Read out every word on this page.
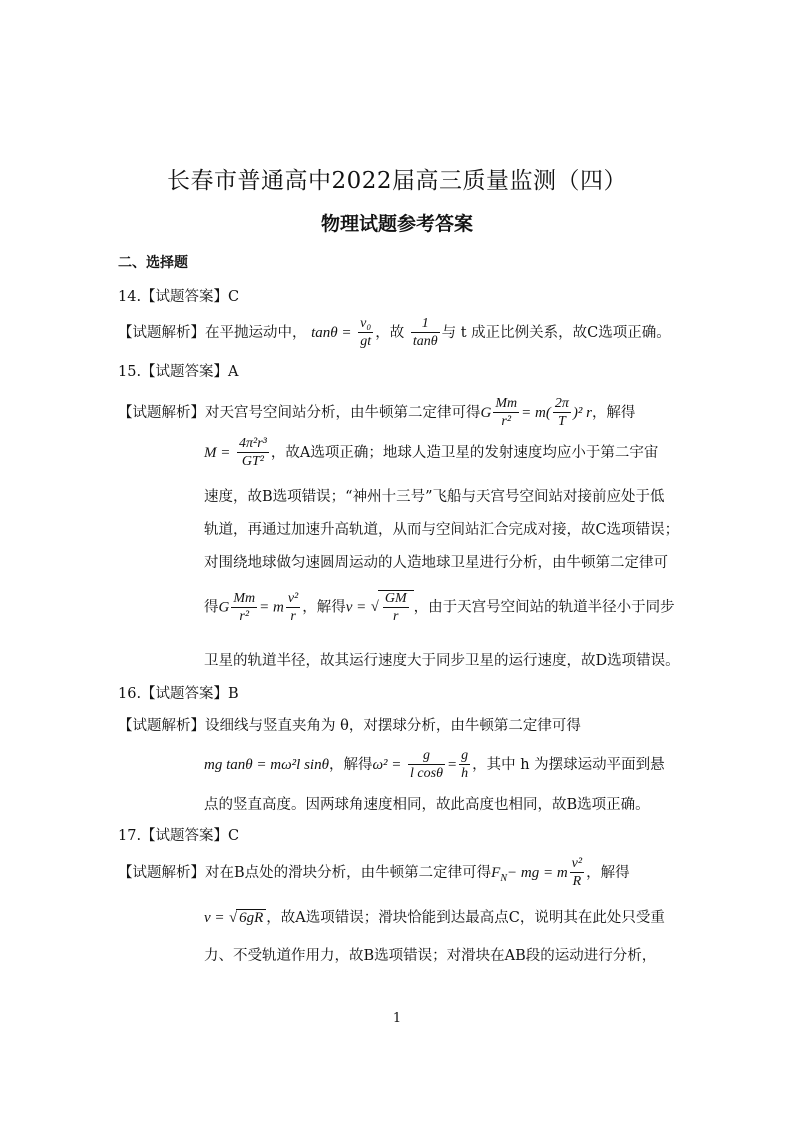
长春市普通高中2022届高三质量监测（四）
物理试题参考答案
二、选择题
14.【试题答案】C
【试题解析】在平抛运动中， $\tan\theta = \frac{\text{v₀}}{gt}$ ，故 $\frac{1}{\tan\theta}$ 与 t 成正比例关系，故C选项正确。
15.【试题答案】A
【试题解析】对天宫号空间站分析，由牛顿第二定律可得G $\frac{Mm}{\text{r²}} = m( \frac{2\pi}{T} )^2$ r，解得
$M = \frac{\text{4π²r³}}{\text{GT²}}$ ，故A选项正确；地球人造卫星的发射速度均应小于第二宇宙
速度，故B选项错误；“神州十三号”飞船与天宫号空间站对接前应处于低
轨道，再通过加速升高轨道，从而与空间站汇合完成对接，故C选项错误；
对围绕地球做匀速圆周运动的人造地球卫星进行分析，由牛顿第二定律可
得G $\frac{Mm}{\text{r²}} = m \frac{\text{v²}}{r}$ ，解得v = √ $\frac{GM}{r}$ ，由于天宫号空间站的轨道半径小于同步
卫星的轨道半径，故其运行速度大于同步卫星的运行速度，故D选项错误。
16.【试题答案】B
【试题解析】设细线与竖直夹角为 θ，对摆球分析，由牛顿第二定律可得
mg tanθ = mω²l sinθ，解得$\omega^2 = \frac{g}{\text{l cosθ}} = \frac{g}{h}$ ，其中 h 为摆球运动平面到悬
点的竖直高度。因两球角速度相同，故此高度也相同，故B选项正确。
17.【试题答案】C
【试题解析】对在B点处的滑块分析，由牛顿第二定律可得$F_N-$ mg = m $\frac{\text{v²}}{R}$ ，解得
v = √ 6gR ，故A选项错误；滑块恰能到达最高点C，说明其在此处只受重
力、不受轨道作用力，故B选项错误；对滑块在AB段的运动进行分析，
1
